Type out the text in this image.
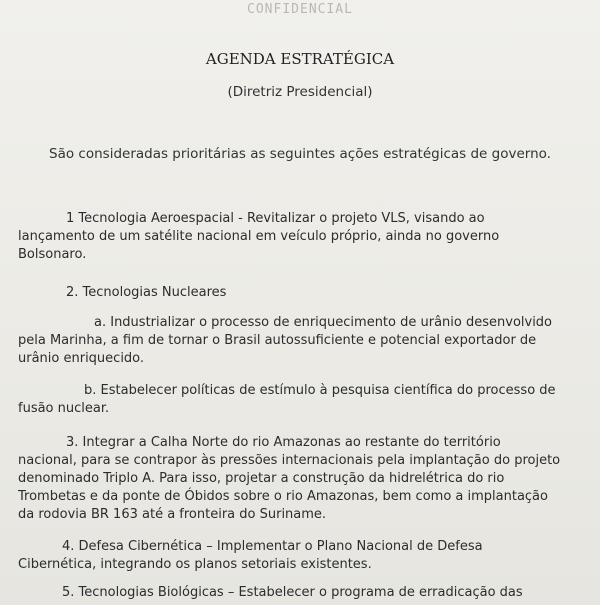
CONFIDENCIAL
AGENDA ESTRATÉGICA
(Diretriz Presidencial)
São consideradas prioritárias as seguintes ações estratégicas de governo.
1 Tecnologia Aeroespacial - Revitalizar o projeto VLS, visando ao
lançamento de um satélite nacional em veículo próprio, ainda no governo
Bolsonaro.
2. Tecnologias Nucleares
a. Industrializar o processo de enriquecimento de urânio desenvolvido
pela Marinha, a fim de tornar o Brasil autossuficiente e potencial exportador de
urânio enriquecido.
b. Estabelecer políticas de estímulo à pesquisa científica do processo de
fusão nuclear.
3. Integrar a Calha Norte do rio Amazonas ao restante do território
nacional, para se contrapor às pressões internacionais pela implantação do projeto
denominado Triplo A. Para isso, projetar a construção da hidrelétrica do rio
Trombetas e da ponte de Óbidos sobre o rio Amazonas, bem como a implantação
da rodovia BR 163 até a fronteira do Suriname.
4. Defesa Cibernética – Implementar o Plano Nacional de Defesa
Cibernética, integrando os planos setoriais existentes.
5. Tecnologias Biológicas – Estabelecer o programa de erradicação das
